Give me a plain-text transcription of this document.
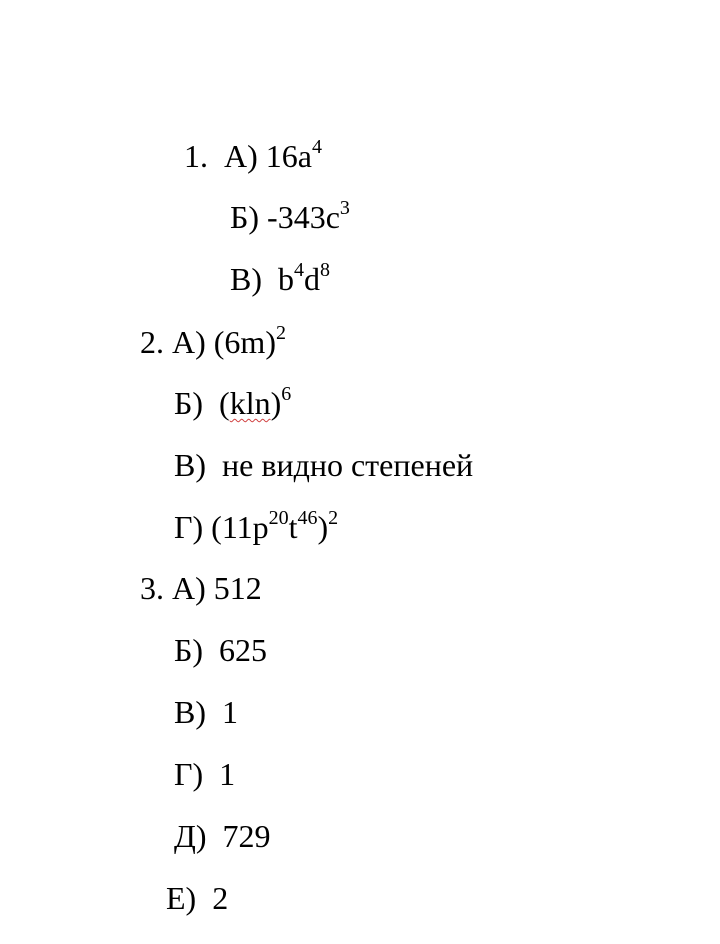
1. А) $16a^4$

Б) $-343c^3$

В) $b^4d^8$

2. А) $(6m)^2$

Б) $(kln)^6$

В) не видно степеней

Г) $(11p^{20}t^{46})^2$

3. А) 512

Б) 625

В) 1

Г) 1

Д) 729

Е) 2
